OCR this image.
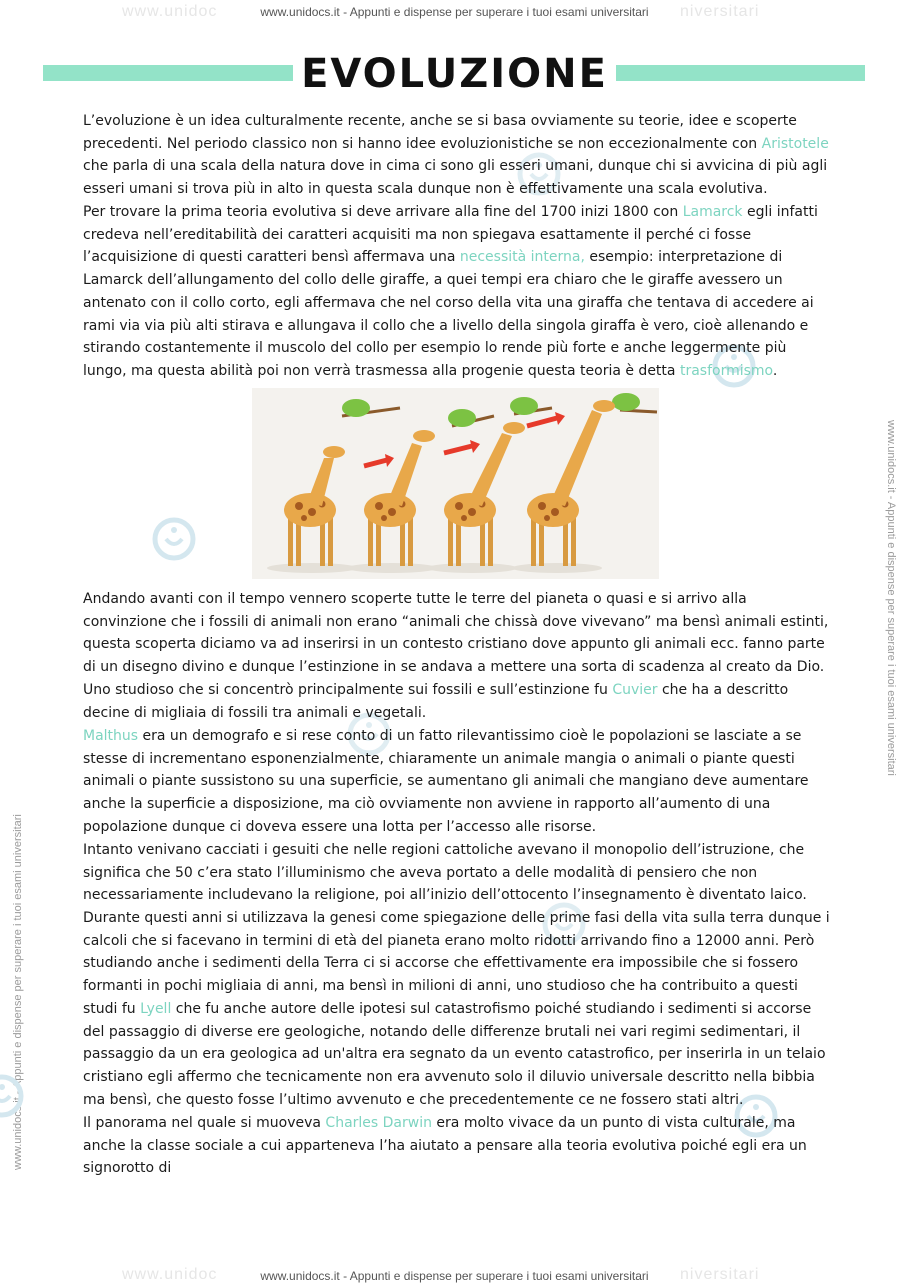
www.unidoc	niversitari
www.unidocs.it - Appunti e dispense per superare i tuoi esami universitari
www.unidocs.it - Appunti e dispense per superare i tuoi esami universitari
www.unidocs.it - Appunti e dispense per superare i tuoi esami universitari
EVOLUZIONE

L’evoluzione è un idea culturalmente recente, anche se si basa ovviamente su teorie, idee e scoperte precedenti. Nel periodo classico non si hanno idee evoluzionistiche se non eccezionalmente con Aristotele che parla di una scala della natura dove in cima ci sono gli esseri umani, dunque chi si avvicina di più agli esseri umani si trova più in alto in questa scala dunque non è effettivamente una scala evolutiva.

Per trovare la prima teoria evolutiva si deve arrivare alla fine del 1700 inizi 1800 con Lamarck egli infatti credeva nell’ereditabilità dei caratteri acquisiti ma non spiegava esattamente il perché ci fosse l’acquisizione di questi caratteri bensì affermava una necessità interna, esempio: interpretazione di Lamarck dell’allungamento del collo delle giraffe, a quei tempi era chiaro che le giraffe avessero un antenato con il collo corto, egli affermava che nel corso della vita una giraffa che tentava di accedere ai rami via via più alti stirava e allungava il collo che a livello della singola giraffa è vero, cioè allenando e stirando costantemente il muscolo del collo per esempio lo rende più forte e anche leggermente più lungo, ma questa abilità poi non verrà trasmessa alla progenie questa teoria è detta trasformismo.

Andando avanti con il tempo vennero scoperte tutte le terre del pianeta o quasi e si arrivo alla convinzione che i fossili di animali non erano “animali che chissà dove vivevano” ma bensì animali estinti, questa scoperta diciamo va ad inserirsi in un contesto cristiano dove appunto gli animali ecc. fanno parte di un disegno divino e dunque l’estinzione in se andava a mettere una sorta di scadenza al creato da Dio.

Uno studioso che si concentrò principalmente sui fossili e sull’estinzione fu Cuvier che ha a descritto decine di migliaia di fossili tra animali e vegetali.

Malthus era un demografo e si rese conto di un fatto rilevantissimo cioè le popolazioni se lasciate a se stesse di incrementano esponenzialmente, chiaramente un animale mangia o animali o piante questi animali o piante sussistono su una superficie, se aumentano gli animali che mangiano deve aumentare anche la superficie a disposizione, ma ciò ovviamente non avviene in rapporto all’aumento di una popolazione dunque ci doveva essere una lotta per l’accesso alle risorse.

Intanto venivano cacciati i gesuiti che nelle regioni cattoliche avevano il monopolio dell’istruzione, che significa che 50 c’era stato l’illuminismo che aveva portato a delle modalità di pensiero che non necessariamente includevano la religione, poi all’inizio dell’ottocento l’insegnamento è diventato laico.

Durante questi anni si utilizzava la genesi come spiegazione delle prime fasi della vita sulla terra dunque i calcoli che si facevano in termini di età del pianeta erano molto ridotti arrivando fino a 12000 anni. Però studiando anche i sedimenti della Terra ci si accorse che effettivamente era impossibile che si fossero formanti in pochi migliaia di anni, ma bensì in milioni di anni, uno studioso che ha contribuito a questi studi fu Lyell che fu anche autore delle ipotesi sul catastrofismo poiché studiando i sedimenti si accorse del passaggio di diverse ere geologiche, notando delle differenze brutali nei vari regimi sedimentari, il passaggio da un era geologica ad un'altra era segnato da un evento catastrofico, per inserirla in un telaio cristiano egli affermo che tecnicamente non era avvenuto solo il diluvio universale descritto nella bibbia ma bensì, che questo fosse l’ultimo avvenuto e che precedentemente ce ne fossero stati altri.

Il panorama nel quale si muoveva Charles Darwin era molto vivace da un punto di vista culturale, ma anche la classe sociale a cui apparteneva l’ha aiutato a pensare alla teoria evolutiva poiché egli era un signorotto di

www.unidoc	niversitari
www.unidocs.it - Appunti e dispense per superare i tuoi esami universitari
